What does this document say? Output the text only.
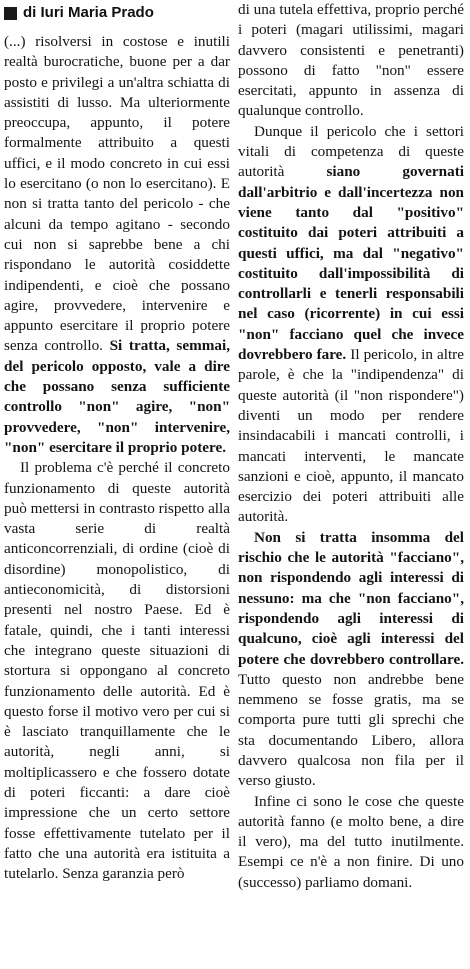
di Iuri Maria Prado

(...) risolversi in costose e inutili realtà burocratiche, buone per a dar posto e privilegi a un'altra schiatta di assistiti di lusso. Ma ulteriormente preoccupa, appunto, il potere formalmente attribuito a questi uffici, e il modo concreto in cui essi lo esercitano (o non lo esercitano). E non si tratta tanto del pericolo - che alcuni da tempo agitano - secondo cui non si saprebbe bene a chi rispondano le autorità cosiddette indipendenti, e cioè che possano agire, provvedere, intervenire e appunto esercitare il proprio potere senza controllo. Si tratta, semmai, del pericolo opposto, vale a dire che possano senza sufficiente controllo "non" agire, "non" provvedere, "non" intervenire, "non" esercitare il proprio potere.

Il problema c'è perché il concreto funzionamento di queste autorità può mettersi in contrasto rispetto alla vasta serie di realtà anticoncorrenziali, di ordine (cioè di disordine) monopolistico, di antieconomicità, di distorsioni presenti nel nostro Paese. Ed è fatale, quindi, che i tanti interessi che integrano queste situazioni di stortura si oppongano al concreto funzionamento delle autorità. Ed è questo forse il motivo vero per cui si è lasciato tranquillamente che le autorità, negli anni, si moltiplicassero e che fossero dotate di poteri ficcanti: a dare cioè impressione che un certo settore fosse effettivamente tutelato per il fatto che una autorità era istituita a tutelarlo. Senza garanzia però

di una tutela effettiva, proprio perché i poteri (magari utilissimi, magari davvero consistenti e penetranti) possono di fatto "non" essere esercitati, appunto in assenza di qualunque controllo.

Dunque il pericolo che i settori vitali di competenza di queste autorità siano governati dall'arbitrio e dall'incertezza non viene tanto dal "positivo" costituito dai poteri attribuiti a questi uffici, ma dal "negativo" costituito dall'impossibilità di controllarli e tenerli responsabili nel caso (ricorrente) in cui essi "non" facciano quel che invece dovrebbero fare. Il pericolo, in altre parole, è che la "indipendenza" di queste autorità (il "non rispondere") diventi un modo per rendere insindacabili i mancati controlli, i mancati interventi, le mancate sanzioni e cioè, appunto, il mancato esercizio dei poteri attribuiti alle autorità.

Non si tratta insomma del rischio che le autorità "facciano", non rispondendo agli interessi di nessuno: ma che "non facciano", rispondendo agli interessi di qualcuno, cioè agli interessi del potere che dovrebbero controllare. Tutto questo non andrebbe bene nemmeno se fosse gratis, ma se comporta pure tutti gli sprechi che sta documentando Libero, allora davvero qualcosa non fila per il verso giusto.

Infine ci sono le cose che queste autorità fanno (e molto bene, a dire il vero), ma del tutto inutilmente. Esempi ce n'è a non finire. Di uno (successo) parliamo domani.
